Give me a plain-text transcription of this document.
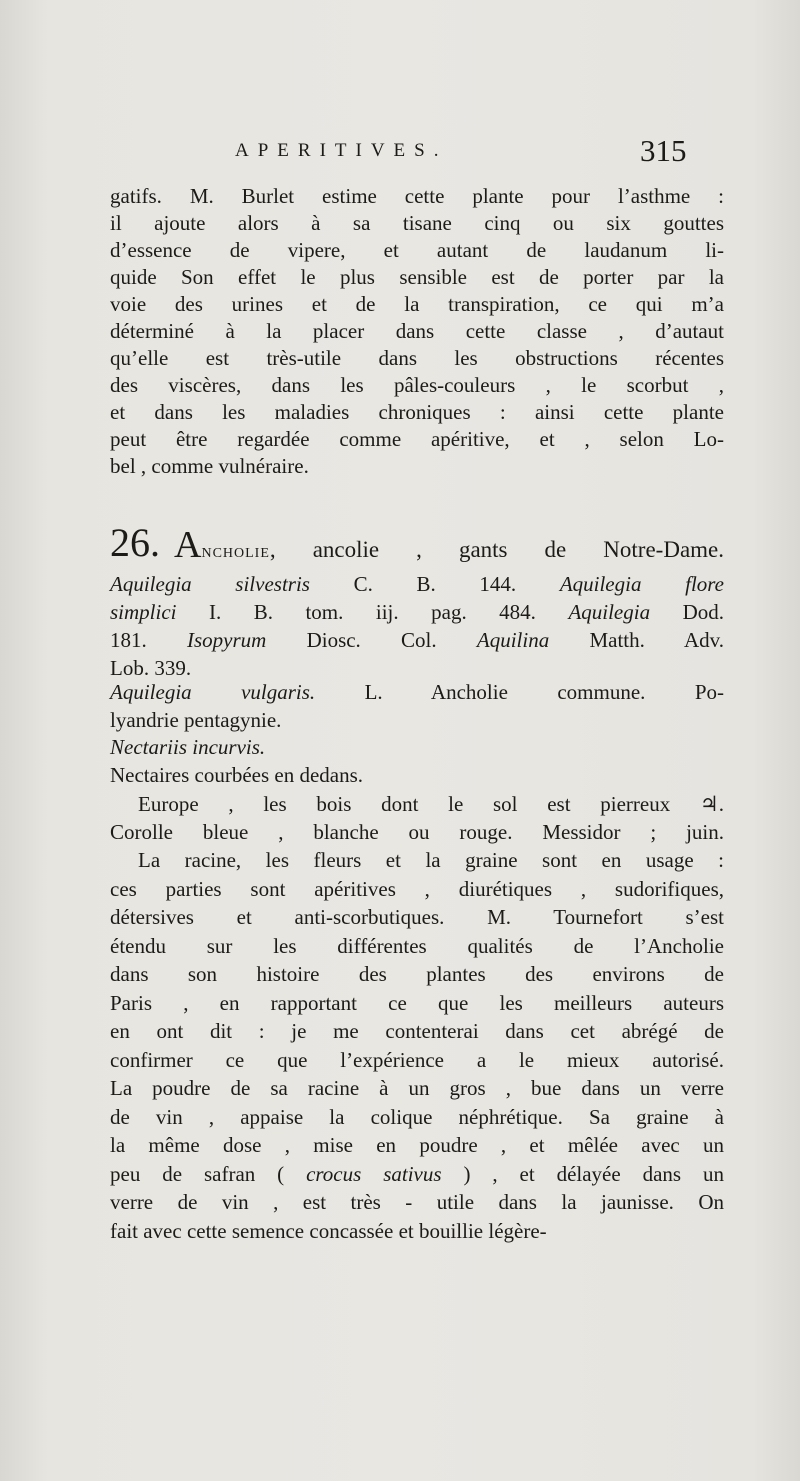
APERITIVES.	315
gatifs. M. Burlet estime cette plante pour l’asthme :
il ajoute alors à sa tisane cinq ou six gouttes
d’essence de vipere, et autant de laudanum li-
quide Son effet le plus sensible est de porter par la
voie des urines et de la transpiration, ce qui m’a
déterminé à la placer dans cette classe , d’autaut
qu’elle est très-utile dans les obstructions récentes
des viscères, dans les pâles-couleurs , le scorbut ,
et dans les maladies chroniques : ainsi cette plante
peut être regardée comme apéritive, et , selon Lo-
bel , comme vulnéraire.
26. ANCHOLIE, ancolie , gants de Notre-Dame.
Aquilegia silvestris C. B. 144. Aquilegia flore
simplici I. B. tom. iij. pag. 484. Aquilegia Dod.
181. Isopyrum Diosc. Col. Aquilina Matth. Adv.
Lob. 339.
Aquilegia vulgaris. L. Ancholie commune. Po-
lyandrie pentagynie.
Nectariis incurvis.
Nectaires courbées en dedans.
Europe , les bois dont le sol est pierreux ♃.
Corolle bleue , blanche ou rouge. Messidor ; juin.
La racine, les fleurs et la graine sont en usage :
ces parties sont apéritives , diurétiques , sudorifiques,
détersives et anti-scorbutiques. M. Tournefort s’est
étendu sur les différentes qualités de l’Ancholie
dans son histoire des plantes des environs de
Paris , en rapportant ce que les meilleurs auteurs
en ont dit : je me contenterai dans cet abrégé de
confirmer ce que l’expérience a le mieux autorisé.
La poudre de sa racine à un gros , bue dans un verre
de vin , appaise la colique néphrétique. Sa graine à
la même dose , mise en poudre , et mêlée avec un
peu de safran ( crocus sativus ) , et délayée dans un
verre de vin , est très - utile dans la jaunisse. On
fait avec cette semence concassée et bouillie légère-
